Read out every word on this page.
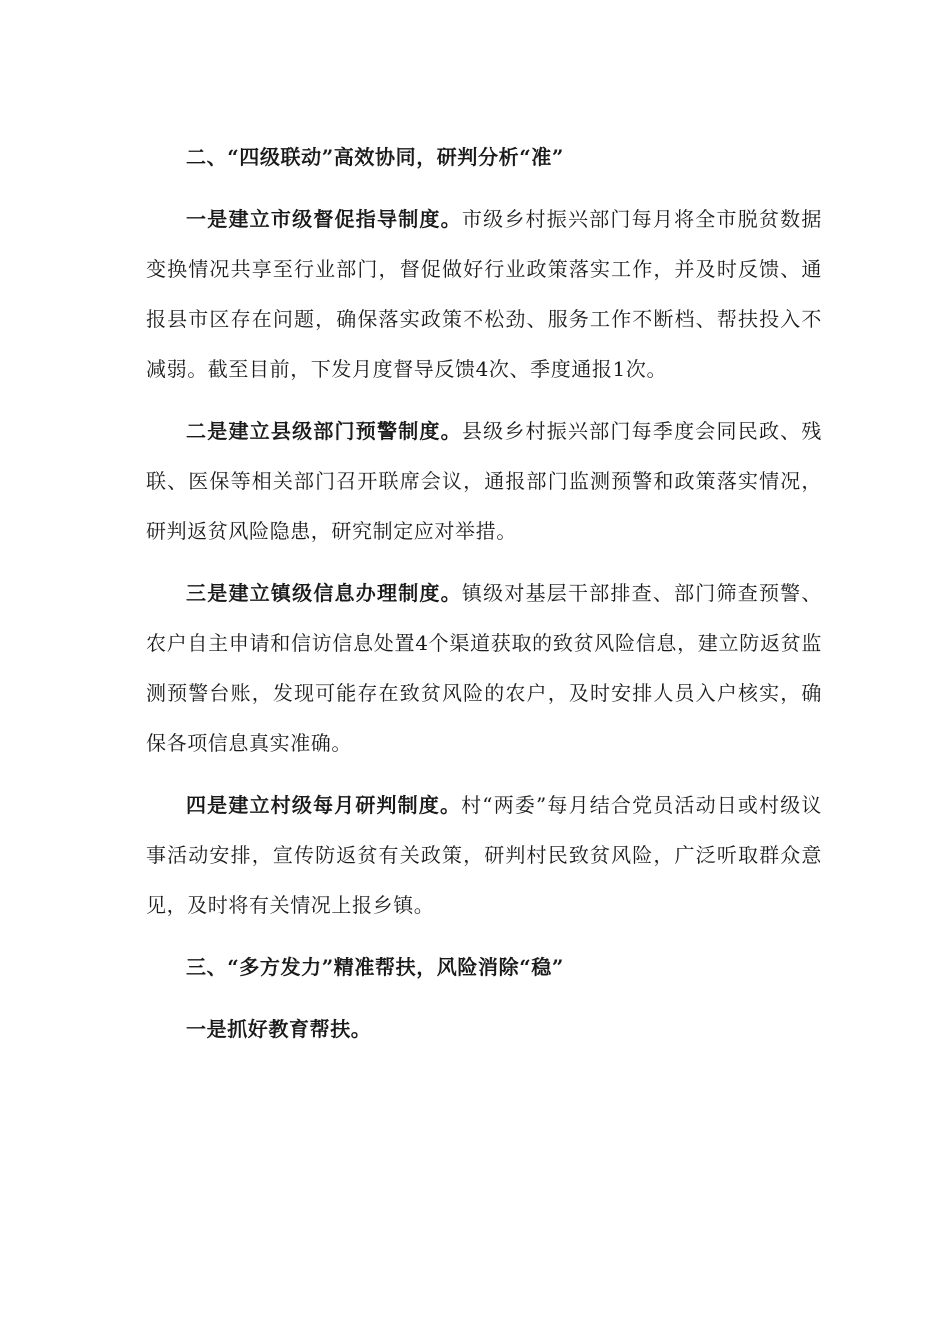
二、“四级联动”高效协同，研判分析“准”

一是建立市级督促指导制度。市级乡村振兴部门每月将全市脱贫数据变换情况共享至行业部门，督促做好行业政策落实工作，并及时反馈、通报县市区存在问题，确保落实政策不松劲、服务工作不断档、帮扶投入不减弱。截至目前，下发月度督导反馈4次、季度通报1次。

二是建立县级部门预警制度。县级乡村振兴部门每季度会同民政、残联、医保等相关部门召开联席会议，通报部门监测预警和政策落实情况，研判返贫风险隐患，研究制定应对举措。

三是建立镇级信息办理制度。镇级对基层干部排查、部门筛查预警、农户自主申请和信访信息处置4个渠道获取的致贫风险信息，建立防返贫监测预警台账，发现可能存在致贫风险的农户，及时安排人员入户核实，确保各项信息真实准确。

四是建立村级每月研判制度。村“两委”每月结合党员活动日或村级议事活动安排，宣传防返贫有关政策，研判村民致贫风险，广泛听取群众意见，及时将有关情况上报乡镇。

三、“多方发力”精准帮扶，风险消除“稳”

一是抓好教育帮扶。
